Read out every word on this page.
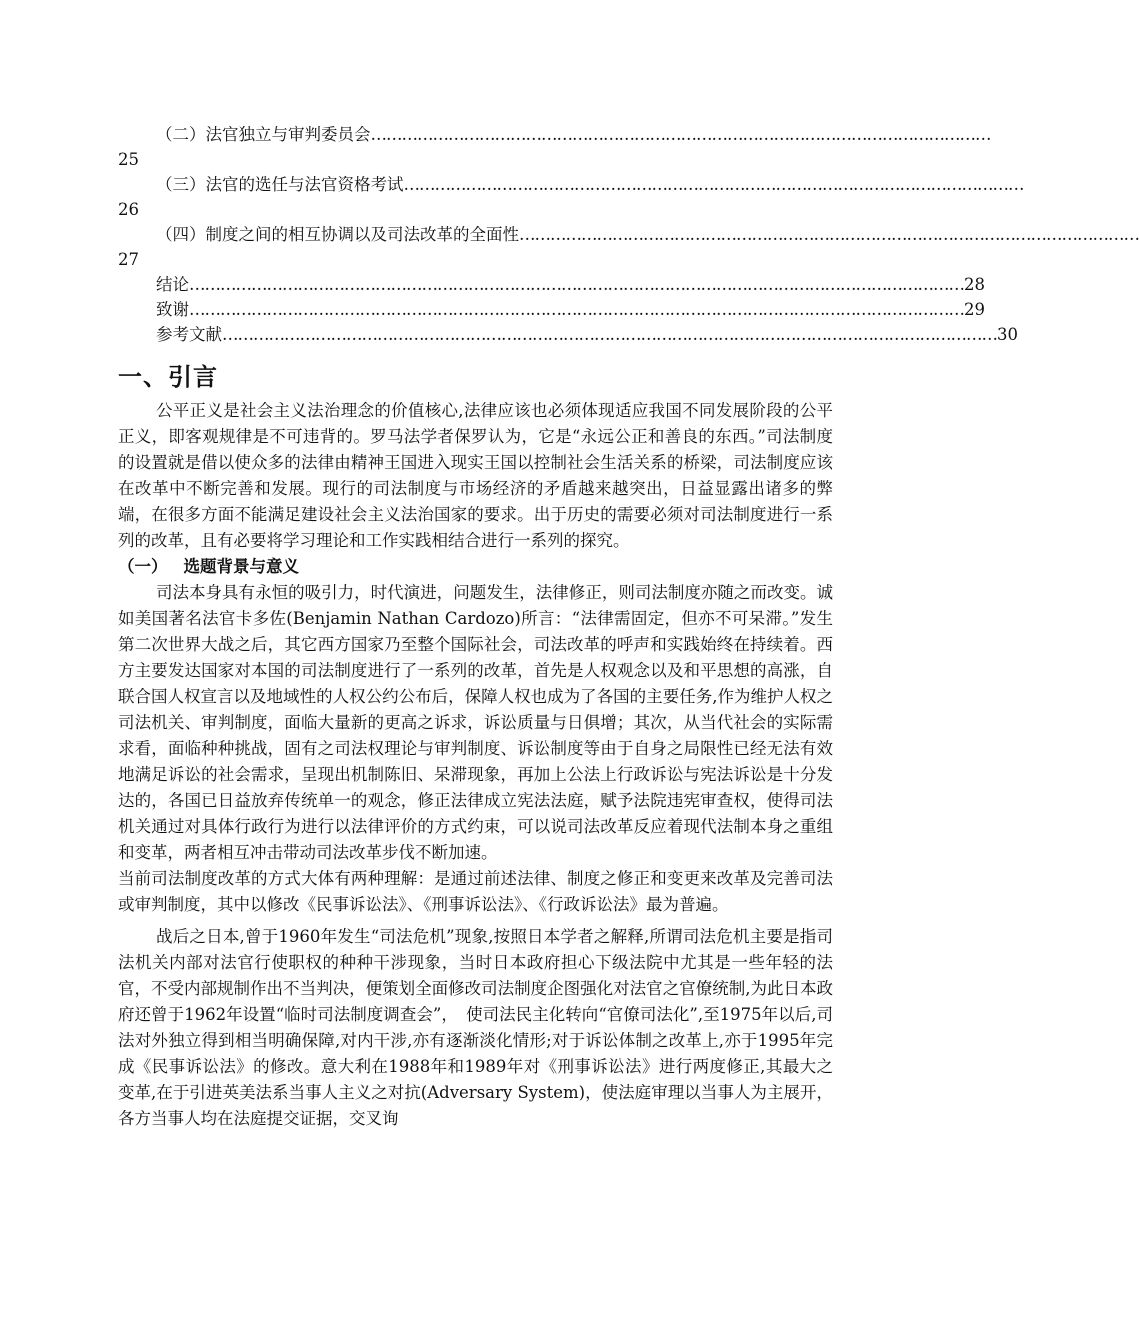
（二）法官独立与审判委员会 …………………………………………………………………………………………………………
25
（三）法官的选任与法官资格考试 …………………………………………………………………………………………………………
26
（四）制度之间的相互协调以及司法改革的全面性 …………………………………………………………………………………………………………
27
结论 …………………………………………………………………………………………………………………………………… 28
致谢 …………………………………………………………………………………………………………………………………… 29
参考文献 …………………………………………………………………………………………………………………………………… 30
一、引言

公平正义是社会主义法治理念的价值核心,法律应该也必须体现适应我国不同发展阶段的公平正义，即客观规律是不可违背的。罗马法学者保罗认为，它是“永远公正和善良的东西。”司法制度的设置就是借以使众多的法律由精神王国进入现实王国以控制社会生活关系的桥梁，司法制度应该在改革中不断完善和发展。现行的司法制度与市场经济的矛盾越来越突出，日益显露出诸多的弊端，在很多方面不能满足建设社会主义法治国家的要求。出于历史的需要必须对司法制度进行一系列的改革，且有必要将学习理论和工作实践相结合进行一系列的探究。

（一） 选题背景与意义

司法本身具有永恒的吸引力，时代演进，问题发生，法律修正，则司法制度亦随之而改变。诚如美国著名法官卡多佐(Benjamin Nathan Cardozo)所言：“法律需固定，但亦不可呆滞。”发生第二次世界大战之后，其它西方国家乃至整个国际社会，司法改革的呼声和实践始终在持续着。西方主要发达国家对本国的司法制度进行了一系列的改革，首先是人权观念以及和平思想的高涨，自联合国人权宣言以及地域性的人权公约公布后，保障人权也成为了各国的主要任务,作为维护人权之司法机关、审判制度，面临大量新的更高之诉求，诉讼质量与日俱增；其次，从当代社会的实际需求看，面临种种挑战，固有之司法权理论与审判制度、诉讼制度等由于自身之局限性已经无法有效地满足诉讼的社会需求，呈现出机制陈旧、呆滞现象，再加上公法上行政诉讼与宪法诉讼是十分发达的，各国已日益放弃传统单一的观念，修正法律成立宪法法庭，赋予法院违宪审查权，使得司法机关通过对具体行政行为进行以法律评价的方式约束，可以说司法改革反应着现代法制本身之重组和变革，两者相互冲击带动司法改革步伐不断加速。

当前司法制度改革的方式大体有两种理解：是通过前述法律、制度之修正和变更来改革及完善司法或审判制度，其中以修改《民事诉讼法》、《刑事诉讼法》、《行政诉讼法》最为普遍。

战后之日本,曾于1960年发生“司法危机”现象,按照日本学者之解释,所谓司法危机主要是指司法机关内部对法官行使职权的种种干涉现象，当时日本政府担心下级法院中尤其是一些年轻的法官，不受内部规制作出不当判决，便策划全面修改司法制度企图强化对法官之官僚统制,为此日本政府还曾于1962年设置“临时司法制度调查会”，　使司法民主化转向“官僚司法化”,至1975年以后,司法对外独立得到相当明确保障,对内干涉,亦有逐渐淡化情形;对于诉讼体制之改革上,亦于1995年完成《民事诉讼法》的修改。意大利在1988年和1989年对《刑事诉讼法》进行两度修正,其最大之变革,在于引进英美法系当事人主义之对抗(Adversary System)，使法庭审理以当事人为主展开，各方当事人均在法庭提交证据，交叉询
